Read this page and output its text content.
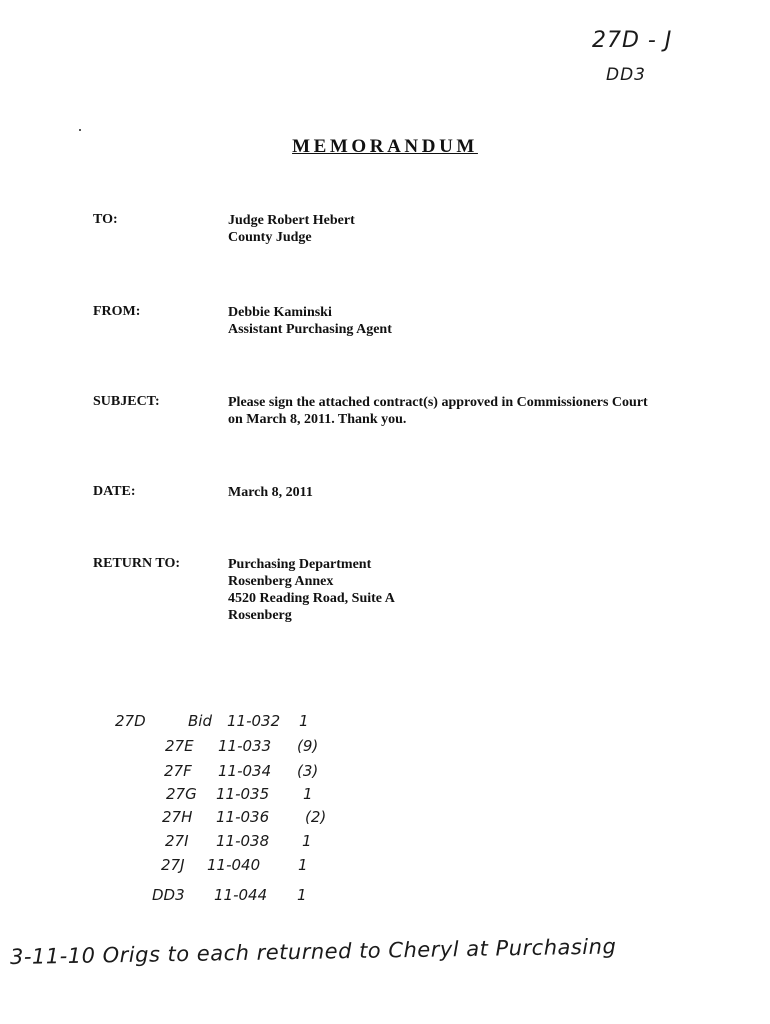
27D - J
DD3
MEMORANDUM
TO:	Judge Robert Hebert
County Judge
FROM:	Debbie Kaminski
Assistant Purchasing Agent
SUBJECT:	Please sign the attached contract(s) approved in Commissioners Court
on March 8, 2011. Thank you.
DATE:	March 8, 2011
RETURN TO:	Purchasing Department
Rosenberg Annex
4520 Reading Road, Suite A
Rosenberg
27D	Bid 11-032 1
27E 11-033 (9)
27F 11-034 (3)
27G 11-035 1
27H 11-036 (2)
27I 11-038 1
27J 11-040	1
DD3 11-044 1
3-11-10 Origs to each returned to Cheryl at Purchasing
